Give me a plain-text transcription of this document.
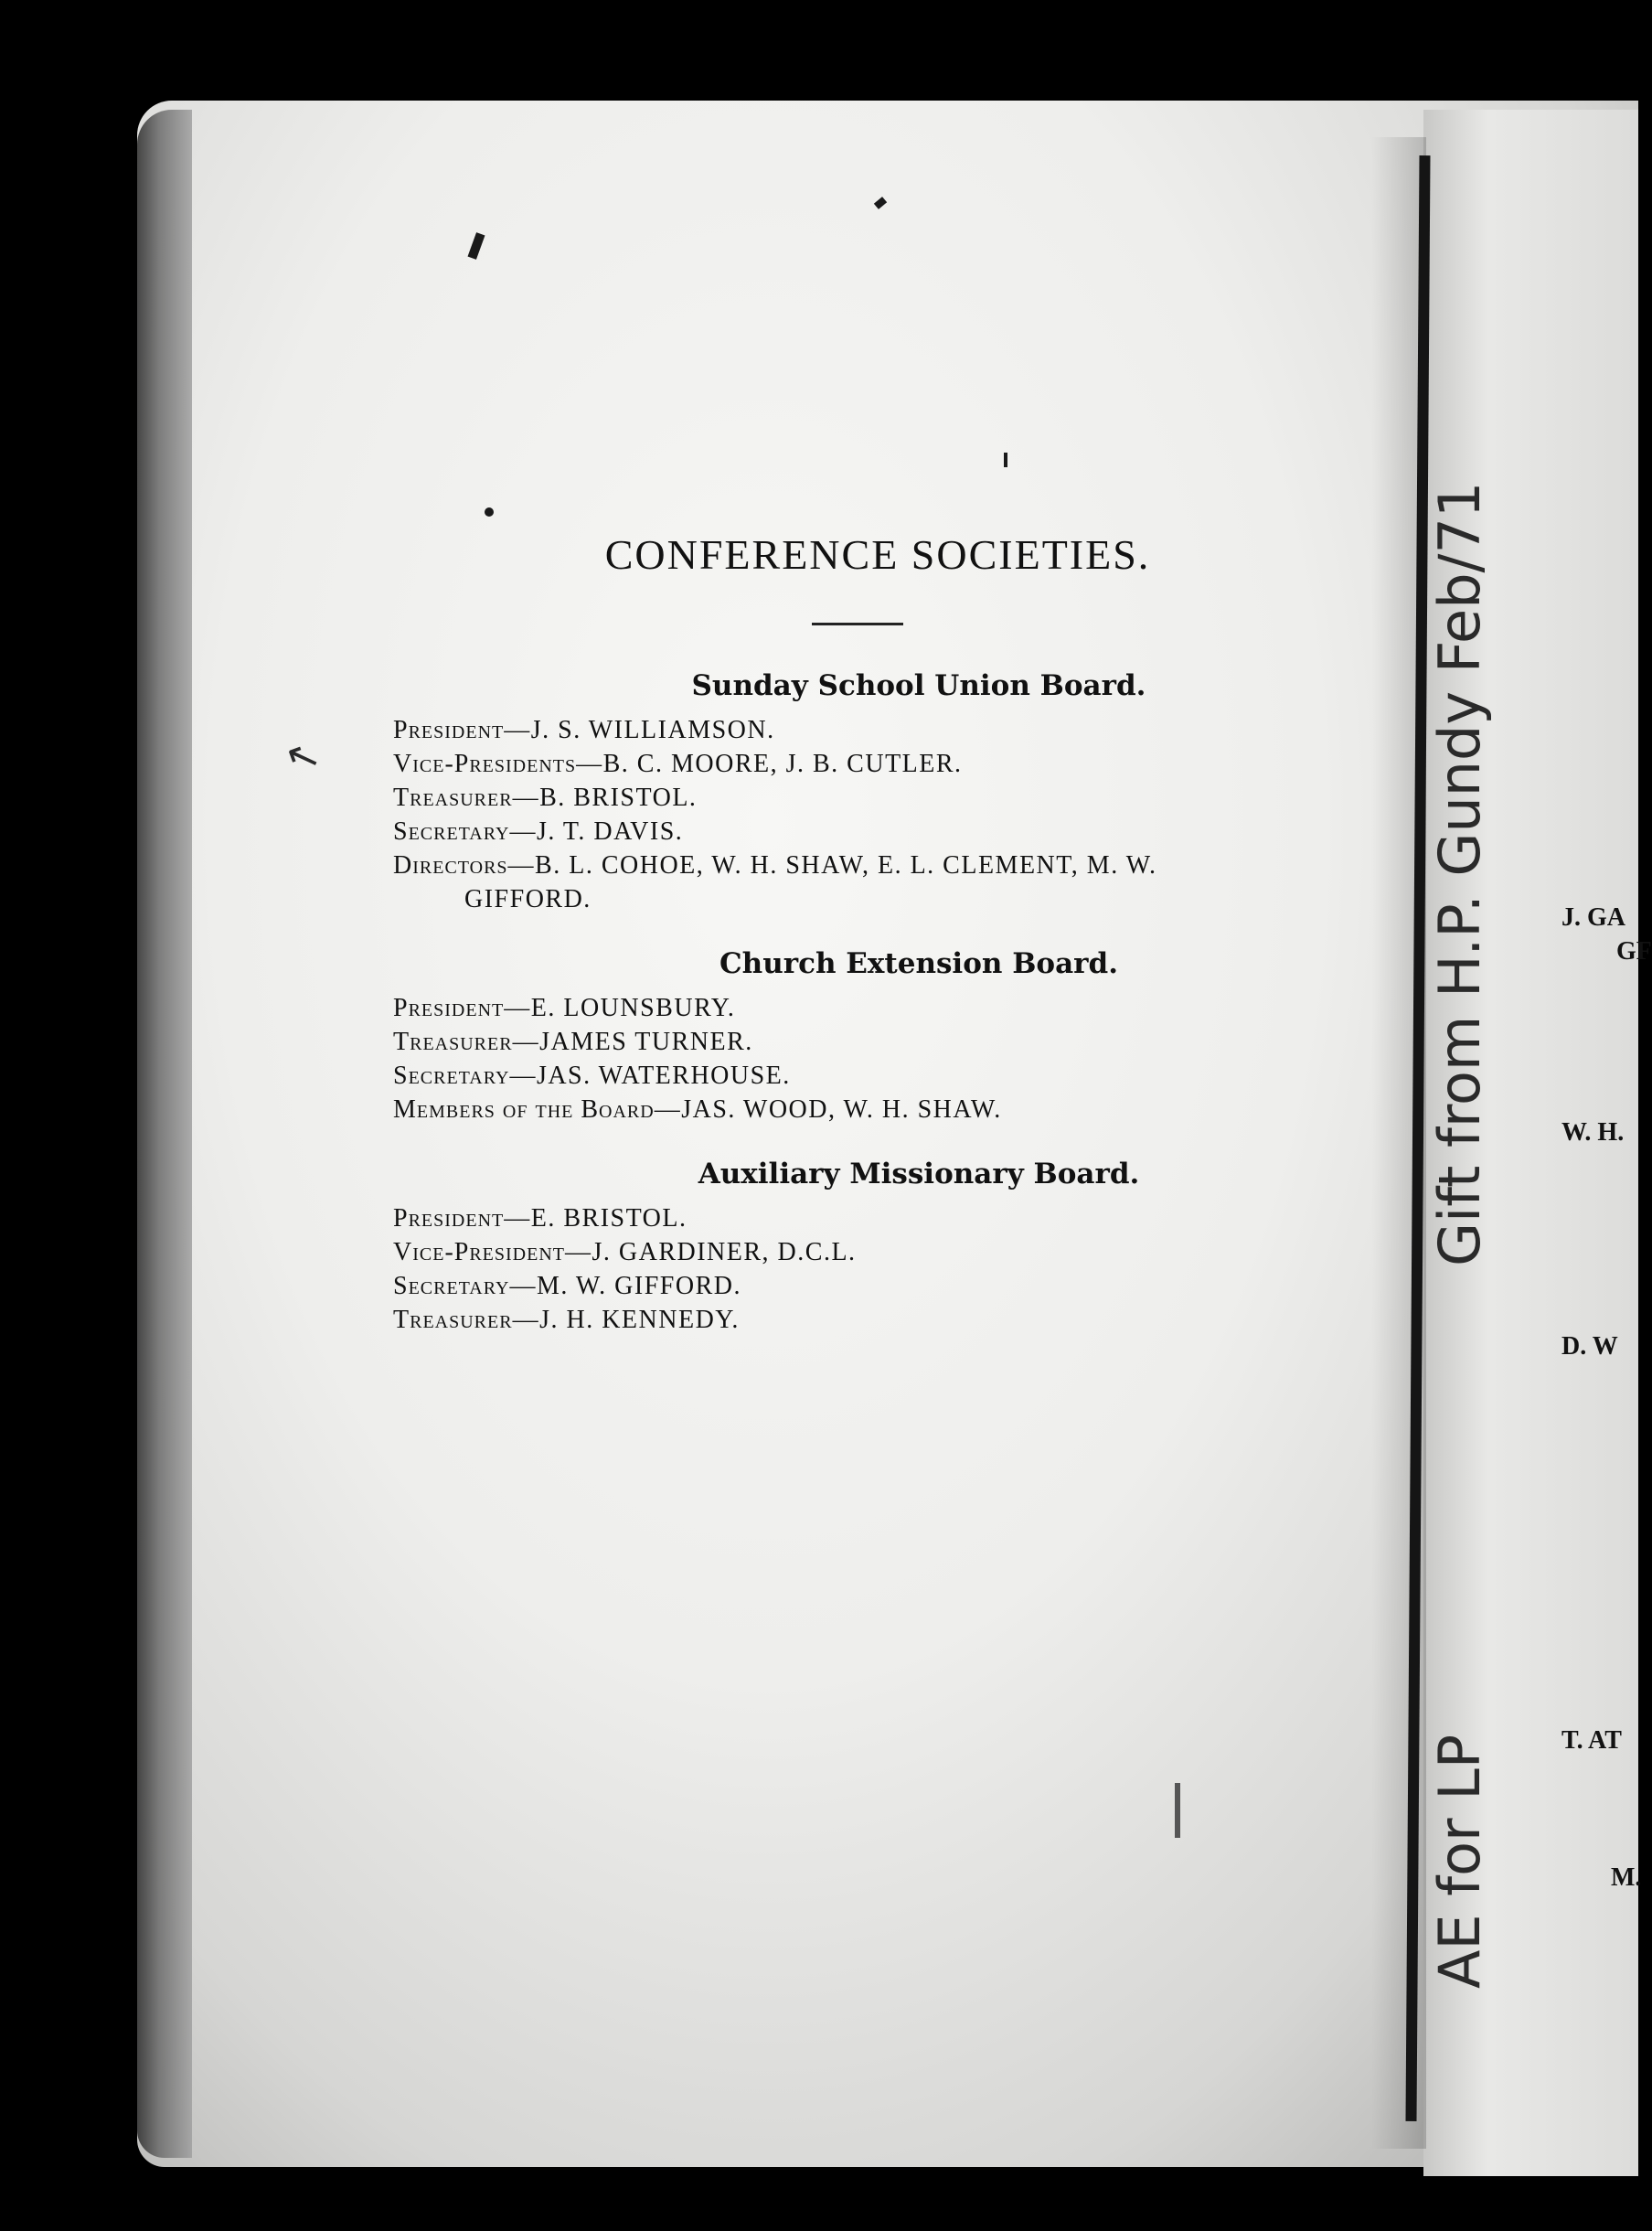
CONFERENCE SOCIETIES.
Sunday School Union Board.
President—J. S. WILLIAMSON.
Vice-Presidents—B. C. MOORE, J. B. CUTLER.
Treasurer—B. BRISTOL.
Secretary—J. T. DAVIS.
Directors—B. L. COHOE, W. H. SHAW, E. L. CLEMENT, M. W.
GIFFORD.
Church Extension Board.
President—E. LOUNSBURY.
Treasurer—JAMES TURNER.
Secretary—JAS. WATERHOUSE.
Members of the Board—JAS. WOOD, W. H. SHAW.
Auxiliary Missionary Board.
President—E. BRISTOL.
Vice-President—J. GARDINER, D.C.L.
Secretary—M. W. GIFFORD.
Treasurer—J. H. KENNEDY.
↖	Gift from H.P. Gundy Feb/71
AE for LP
J. GA
GF
W. H.
D. W
T. AT
M.
